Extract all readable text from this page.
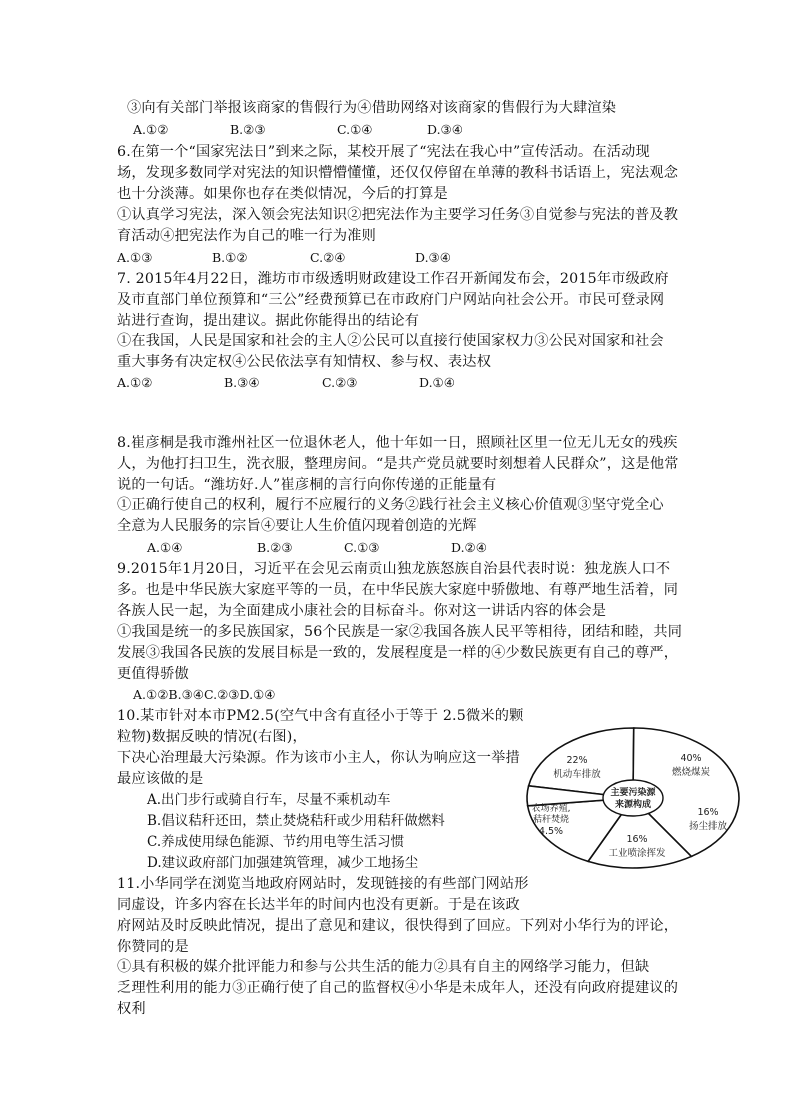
③向有关部门举报该商家的售假行为④借助网络对该商家的售假行为大肆渲染
A.①②	B.②③	C.①④	D.③④
6.在第一个“国家宪法日”到来之际，某校开展了“宪法在我心中”宣传活动。在活动现
场，发现多数同学对宪法的知识懵懵懂懂，还仅仅停留在单薄的教科书话语上，宪法观念
也十分淡薄。如果你也存在类似情况，今后的打算是
①认真学习宪法，深入领会宪法知识②把宪法作为主要学习任务③自觉参与宪法的普及教
育活动④把宪法作为自己的唯一行为准则
A.①③	B.①②	C.②④	D.③④
7. 2015年4月22日，潍坊市市级透明财政建设工作召开新闻发布会，2015年市级政府
及市直部门单位预算和“三公”经费预算已在市政府门户网站向社会公开。市民可登录网
站进行查询，提出建议。据此你能得出的结论有
①在我国，人民是国家和社会的主人②公民可以直接行使国家权力③公民对国家和社会
重大事务有决定权④公民依法享有知情权、参与权、表达权
A.①②	B.③④	C.②③	D.①④
8.崔彦桐是我市潍州社区一位退休老人，他十年如一日，照顾社区里一位无儿无女的残疾
人，为他打扫卫生，洗衣服，整理房间。“是共产党员就要时刻想着人民群众”，这是他常
说的一句话。“潍坊好.人”崔彦桐的言行向你传递的正能量有
①正确行使自己的权利，履行不应履行的义务②践行社会主义核心价值观③坚守党全心
全意为人民服务的宗旨④要让人生价值闪现着创造的光辉
A.①④	B.②③	C.①③	D.②④
9.2015年1月20日，习近平在会见云南贡山独龙族怒族自治县代表时说：独龙族人口不
多。也是中华民族大家庭平等的一员，在中华民族大家庭中骄傲地、有尊严地生活着，同
各族人民一起，为全面建成小康社会的目标奋斗。你对这一讲话内容的体会是
①我国是统一的多民族国家，56个民族是一家②我国各族人民平等相待，团结和睦，共同
发展③我国各民族的发展目标是一致的，发展程度是一样的④少数民族更有自己的尊严，
更值得骄傲
A.①②B.③④C.②③D.①④
10.某市针对本市PM2.5(空气中含有直径小于等于 2.5微米的颗
粒物)数据反映的情况(右图)，
下决心治理最大污染源。作为该市小主人，你认为响应这一举措
最应该做的是
A.出门步行或骑自行车，尽量不乘机动车
B.倡议秸秆还田，禁止焚烧秸秆或少用秸秆做燃料
C.养成使用绿色能源、节约用电等生活习惯
D.建议政府部门加强建筑管理，减少工地扬尘
机动车排放
22%
燃烧煤炭
40%
扬尘排放
16%
工业喷涂挥发
16%
农场养殖,
秸秆焚烧
4.5%
主要污染源
来源构成
11.小华同学在浏览当地政府网站时，发现链接的有些部门网站形
同虚设，许多内容在长达半年的时间内也没有更新。于是在该政
府网站及时反映此情况，提出了意见和建议，很快得到了回应。下列对小华行为的评论，
你赞同的是
①具有积极的媒介批评能力和参与公共生活的能力②具有自主的网络学习能力，但缺
乏理性利用的能力③正确行使了自己的监督权④小华是未成年人，还没有向政府提建议的
权利
